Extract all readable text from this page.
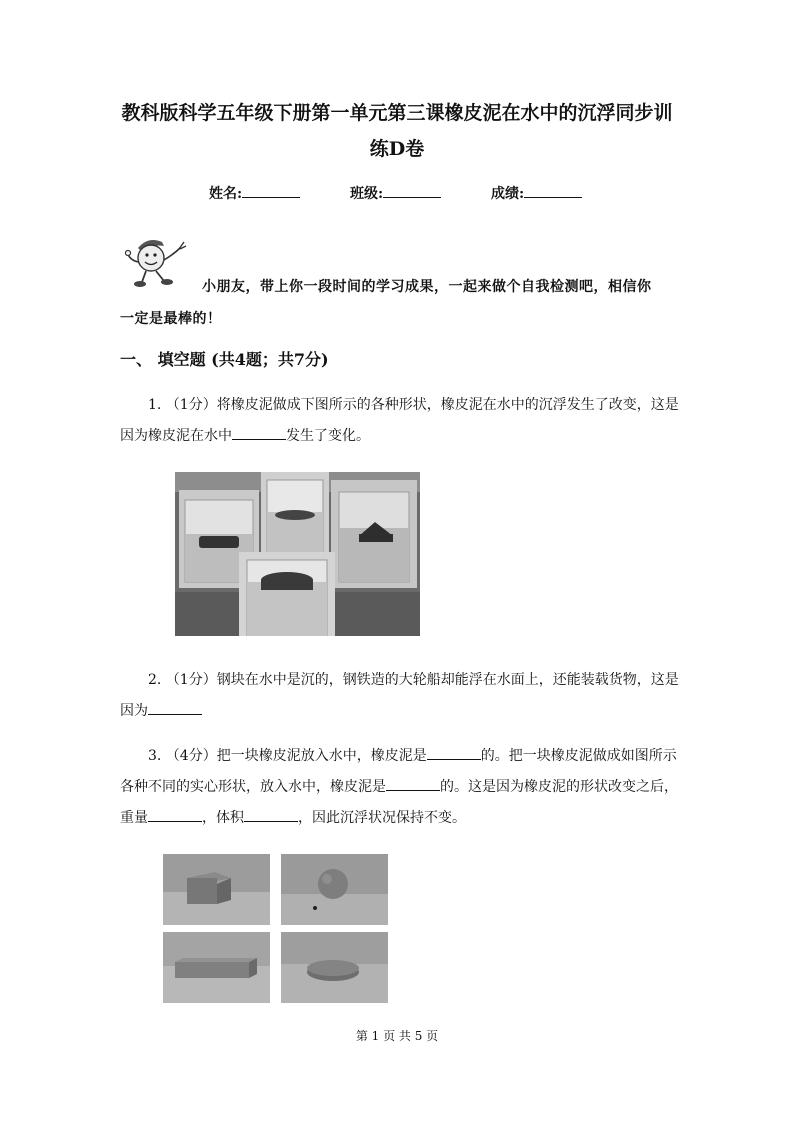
教科版科学五年级下册第一单元第三课橡皮泥在水中的沉浮同步训
练D卷
姓名:	班级:	成绩:
小朋友，带上你一段时间的学习成果，一起来做个自我检测吧，相信你
一定是最棒的！
一、 填空题 (共4题；共7分)
1. （1分）将橡皮泥做成下图所示的各种形状，橡皮泥在水中的沉浮发生了改变，这是
因为橡皮泥在水中	发生了变化。
2. （1分）钢块在水中是沉的，钢铁造的大轮船却能浮在水面上，还能装载货物，这是
因为
3. （4分）把一块橡皮泥放入水中，橡皮泥是	的。把一块橡皮泥做成如图所示
各种不同的实心形状，放入水中，橡皮泥是	的。这是因为橡皮泥的形状改变之后，
重量	，体积	，因此沉浮状况保持不变。
第 1 页 共 5 页
